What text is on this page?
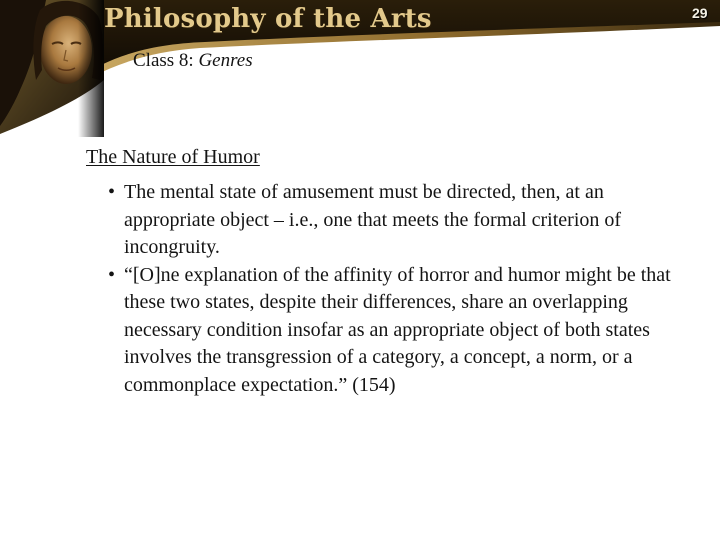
Philosophy of the Arts
Class 8: Genres
29
The Nature of Humor
• The mental state of amusement must be directed, then, at an appropriate object – i.e., one that meets the formal criterion of incongruity.
• “[O]ne explanation of the affinity of horror and humor might be that these two states, despite their differences, share an overlapping necessary condition insofar as an appropriate object of both states involves the transgression of a category, a concept, a norm, or a commonplace expectation.” (154)
